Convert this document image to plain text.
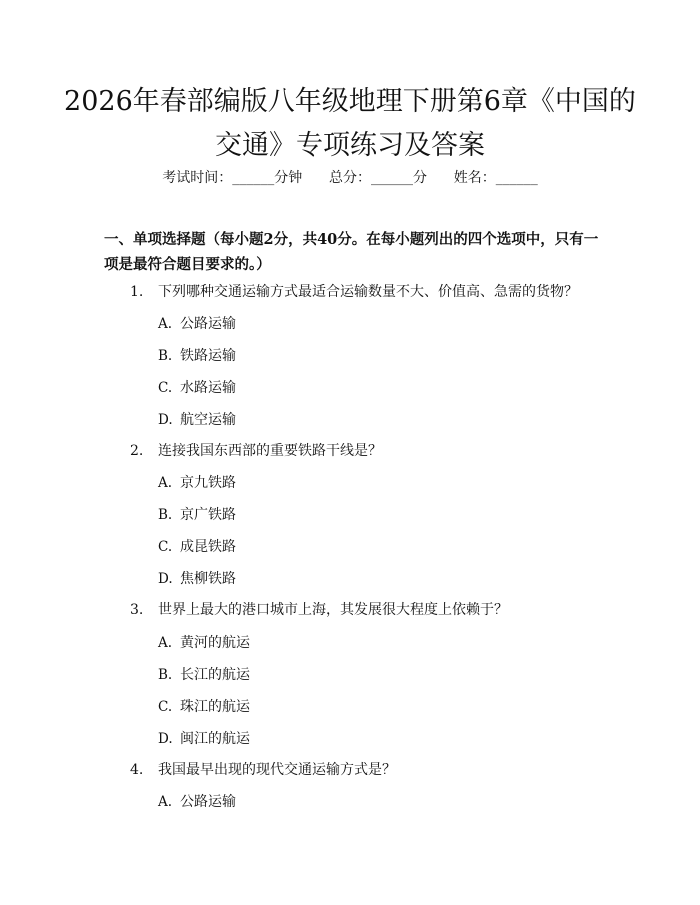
2026年春部编版八年级地理下册第6章《中国的交通》专项练习及答案
考试时间：______分钟      总分：______分      姓名：______
一、单项选择题（每小题2分，共40分。在每小题列出的四个选项中，只有一项是最符合题目要求的。）
1. 下列哪种交通运输方式最适合运输数量不大、价值高、急需的货物？
A. 公路运输
B. 铁路运输
C. 水路运输
D. 航空运输
2. 连接我国东西部的重要铁路干线是？
A. 京九铁路
B. 京广铁路
C. 成昆铁路
D. 焦柳铁路
3. 世界上最大的港口城市上海，其发展很大程度上依赖于？
A. 黄河的航运
B. 长江的航运
C. 珠江的航运
D. 闽江的航运
4. 我国最早出现的现代交通运输方式是？
A. 公路运输
